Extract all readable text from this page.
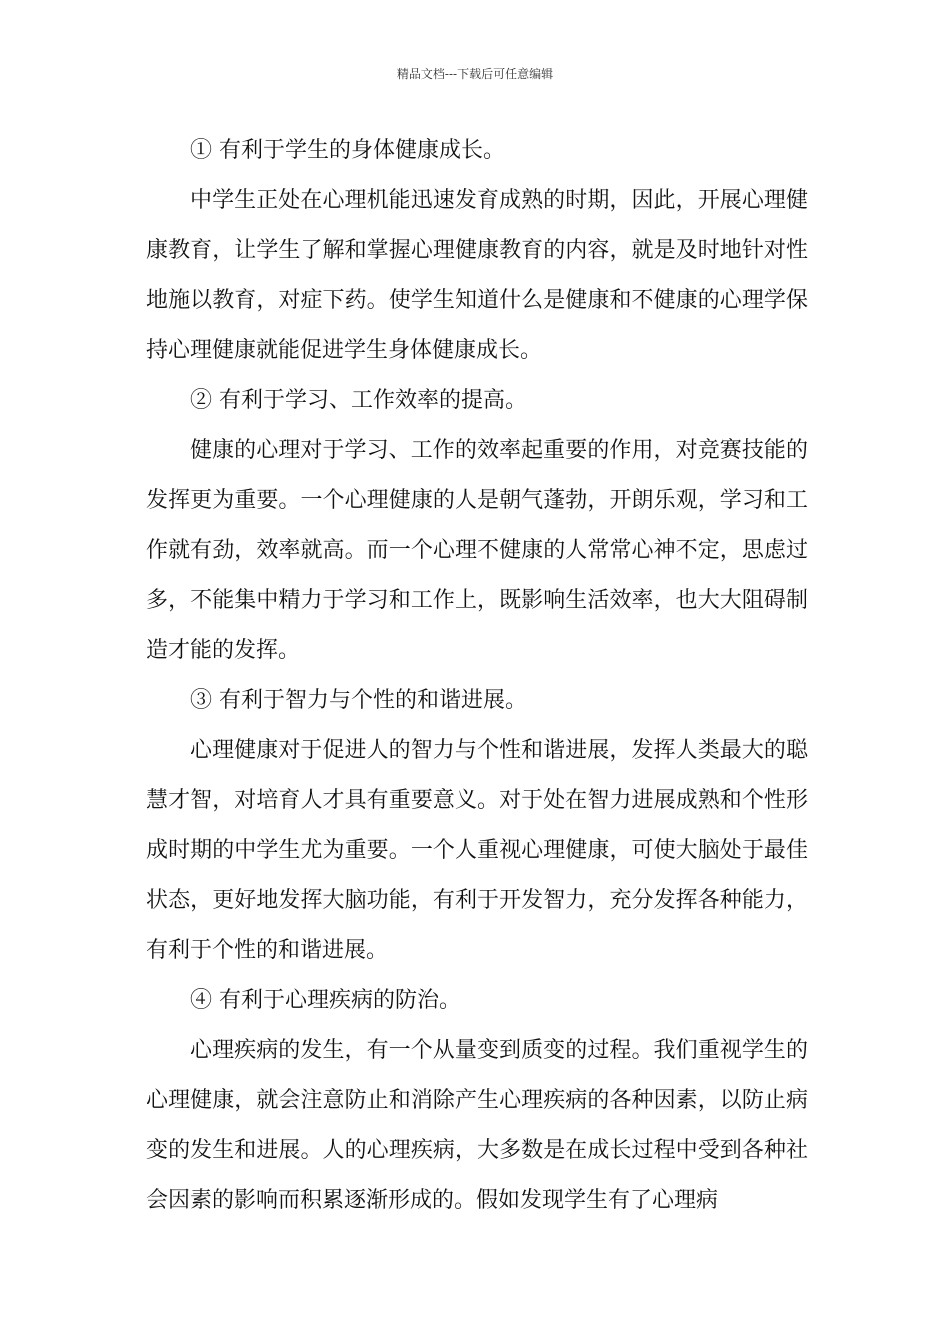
精品文档---下载后可任意编辑

① 有利于学生的身体健康成长。

中学生正处在心理机能迅速发育成熟的时期，因此，开展心理健康教育，让学生了解和掌握心理健康教育的内容，就是及时地针对性地施以教育，对症下药。使学生知道什么是健康和不健康的心理学保持心理健康就能促进学生身体健康成长。

② 有利于学习、工作效率的提高。

健康的心理对于学习、工作的效率起重要的作用，对竞赛技能的发挥更为重要。一个心理健康的人是朝气蓬勃，开朗乐观，学习和工作就有劲，效率就高。而一个心理不健康的人常常心神不定，思虑过多，不能集中精力于学习和工作上，既影响生活效率，也大大阻碍制造才能的发挥。

③ 有利于智力与个性的和谐进展。

心理健康对于促进人的智力与个性和谐进展，发挥人类最大的聪慧才智，对培育人才具有重要意义。对于处在智力进展成熟和个性形成时期的中学生尤为重要。一个人重视心理健康，可使大脑处于最佳状态，更好地发挥大脑功能，有利于开发智力，充分发挥各种能力，有利于个性的和谐进展。

④ 有利于心理疾病的防治。

心理疾病的发生，有一个从量变到质变的过程。我们重视学生的心理健康，就会注意防止和消除产生心理疾病的各种因素，以防止病变的发生和进展。人的心理疾病，大多数是在成长过程中受到各种社会因素的影响而积累逐渐形成的。假如发现学生有了心理病
